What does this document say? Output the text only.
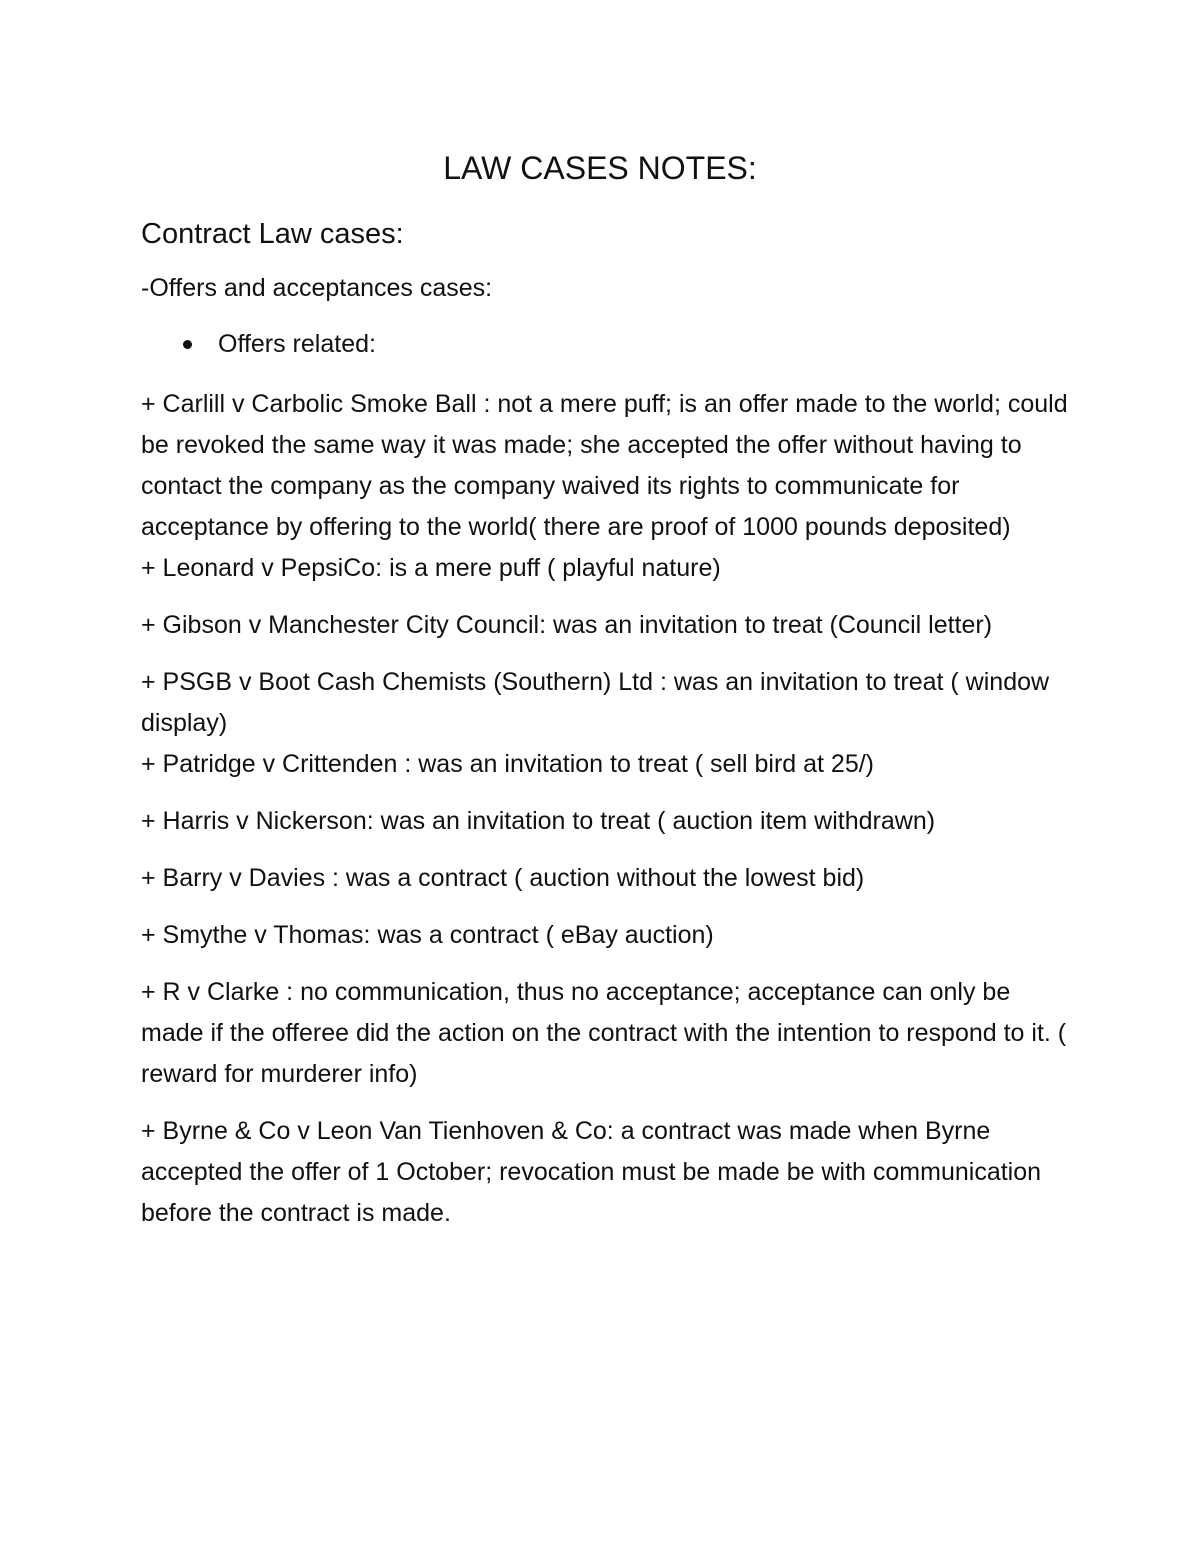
LAW CASES NOTES:
Contract Law cases:
-Offers and acceptances cases:
Offers related:

+ Carlill v Carbolic Smoke Ball : not a mere puff; is an offer made to the world; could be revoked the same way it was made; she accepted the offer without having to contact the company as the company waived its rights to communicate for acceptance by offering to the world( there are proof of 1000 pounds deposited)

+ Leonard v PepsiCo: is a mere puff ( playful nature)

+ Gibson v Manchester City Council: was an invitation to treat (Council letter)

+ PSGB v Boot Cash Chemists (Southern) Ltd : was an invitation to treat ( window display)

+ Patridge v Crittenden : was an invitation to treat ( sell bird at 25/)

+ Harris v Nickerson: was an invitation to treat ( auction item withdrawn)

+ Barry v Davies : was a contract ( auction without the lowest bid)

+ Smythe v Thomas: was a contract ( eBay auction)

+ R v Clarke : no communication, thus no acceptance; acceptance can only be made if the offeree did the action on the contract with the intention to respond to it. ( reward for murderer info)

+ Byrne & Co v Leon Van Tienhoven & Co: a contract was made when Byrne accepted the offer of 1 October; revocation must be made be with communication before the contract is made.
